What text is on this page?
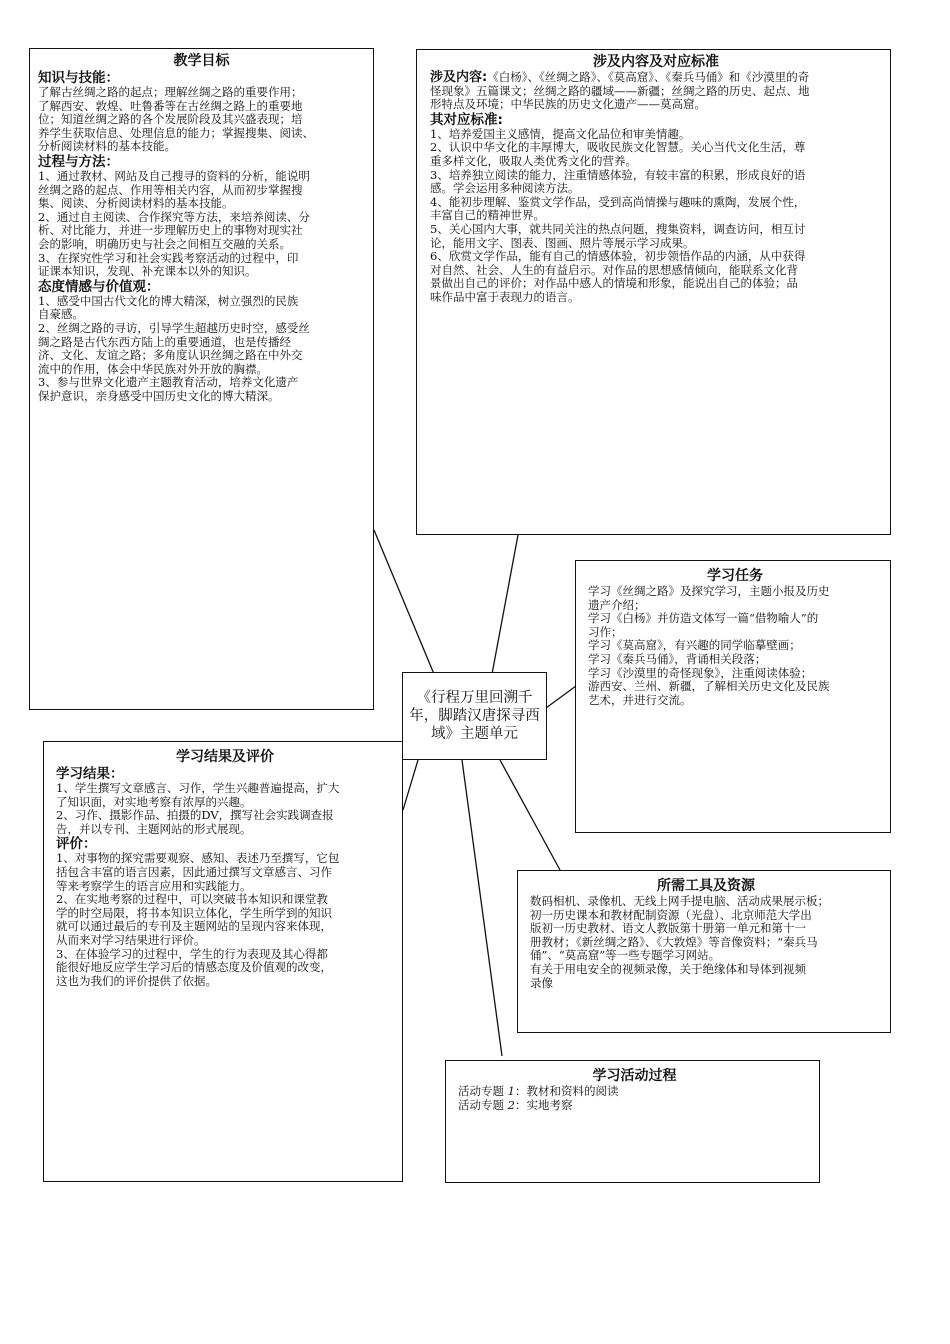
教学目标
知识与技能：
了解古丝绸之路的起点；理解丝绸之路的重要作用；
了解西安、敦煌、吐鲁番等在古丝绸之路上的重要地
位；知道丝绸之路的各个发展阶段及其兴盛表现；培
养学生获取信息、处理信息的能力；掌握搜集、阅读、
分析阅读材料的基本技能。
过程与方法：
1、通过教材、网站及自己搜寻的资料的分析，能说明
丝绸之路的起点、作用等相关内容，从而初步掌握搜
集、阅读、分析阅读材料的基本技能。
2、通过自主阅读、合作探究等方法，来培养阅读、分
析、对比能力，并进一步理解历史上的事物对现实社
会的影响，明确历史与社会之间相互交融的关系。
3、在探究性学习和社会实践考察活动的过程中，印
证课本知识，发现、补充课本以外的知识。
态度情感与价值观：
1、感受中国古代文化的博大精深，树立强烈的民族
自豪感。
2、丝绸之路的寻访，引导学生超越历史时空，感受丝
绸之路是古代东西方陆上的重要通道，也是传播经
济、文化、友谊之路；多角度认识丝绸之路在中外交
流中的作用，体会中华民族对外开放的胸襟。
3、参与世界文化遗产主题教育活动，培养文化遗产
保护意识，亲身感受中国历史文化的博大精深。
涉及内容及对应标准
涉及内容:《白杨》、《丝绸之路》、《莫高窟》、《秦兵马俑》和《沙漠里的奇
怪现象》五篇课文；丝绸之路的疆域——新疆；丝绸之路的历史、起点、地
形特点及环境；中华民族的历史文化遗产——莫高窟。
其对应标准:
1、培养爱国主义感情，提高文化品位和审美情趣。
2、认识中华文化的丰厚博大，吸收民族文化智慧。关心当代文化生活，尊
重多样文化，吸取人类优秀文化的营养。
3、培养独立阅读的能力，注重情感体验，有较丰富的积累，形成良好的语
感。学会运用多种阅读方法。
4、能初步理解、鉴赏文学作品，受到高尚情操与趣味的熏陶，发展个性，
丰富自己的精神世界。
5、关心国内大事，就共同关注的热点问题，搜集资料，调查访问，相互讨
论，能用文字、图表、图画、照片等展示学习成果。
6、欣赏文学作品，能有自己的情感体验，初步领悟作品的内涵，从中获得
对自然、社会、人生的有益启示。对作品的思想感情倾向，能联系文化背
景做出自己的评价；对作品中感人的情境和形象，能说出自己的体验；品
味作品中富于表现力的语言。
学习任务
学习《丝绸之路》及探究学习，主题小报及历史
遗产介绍；
学习《白杨》并仿造文体写一篇“借物喻人”的
习作；
学习《莫高窟》，有兴趣的同学临摹壁画；
学习《秦兵马俑》，背诵相关段落；
学习《沙漠里的奇怪现象》，注重阅读体验；
游西安、兰州、新疆，了解相关历史文化及民族
艺术，并进行交流。
《行程万里回溯千年，脚踏汉唐探寻西域》主题单元
学习结果及评价
学习结果：
1、学生撰写文章感言、习作，学生兴趣普遍提高，扩大
了知识面，对实地考察有浓厚的兴趣。
2、习作、摄影作品、拍摄的DV，撰写社会实践调查报
告，并以专刊、主题网站的形式展现。
评价：
1、对事物的探究需要观察、感知、表述乃至撰写，它包
括包含丰富的语言因素，因此通过撰写文章感言、习作
等来考察学生的语言应用和实践能力。
2、在实地考察的过程中，可以突破书本知识和课堂教
学的时空局限，将书本知识立体化，学生所学到的知识
就可以通过最后的专刊及主题网站的呈现内容来体现，
从而来对学习结果进行评价。
3、在体验学习的过程中，学生的行为表现及其心得都
能很好地反应学生学习后的情感态度及价值观的改变，
这也为我们的评价提供了依据。
所需工具及资源
数码相机、录像机、无线上网手提电脑、活动成果展示板；
初一历史课本和教材配制资源（光盘）、北京师范大学出
版初一历史教材、语文人教版第十册第一单元和第十一
册教材；《新丝绸之路》、《大敦煌》等音像资料；“秦兵马
俑”、“莫高窟”等一些专题学习网站。
有关于用电安全的视频录像，关于绝缘体和导体到视频
录像
学习活动过程
活动专题 1：教材和资料的阅读
活动专题 2：实地考察
